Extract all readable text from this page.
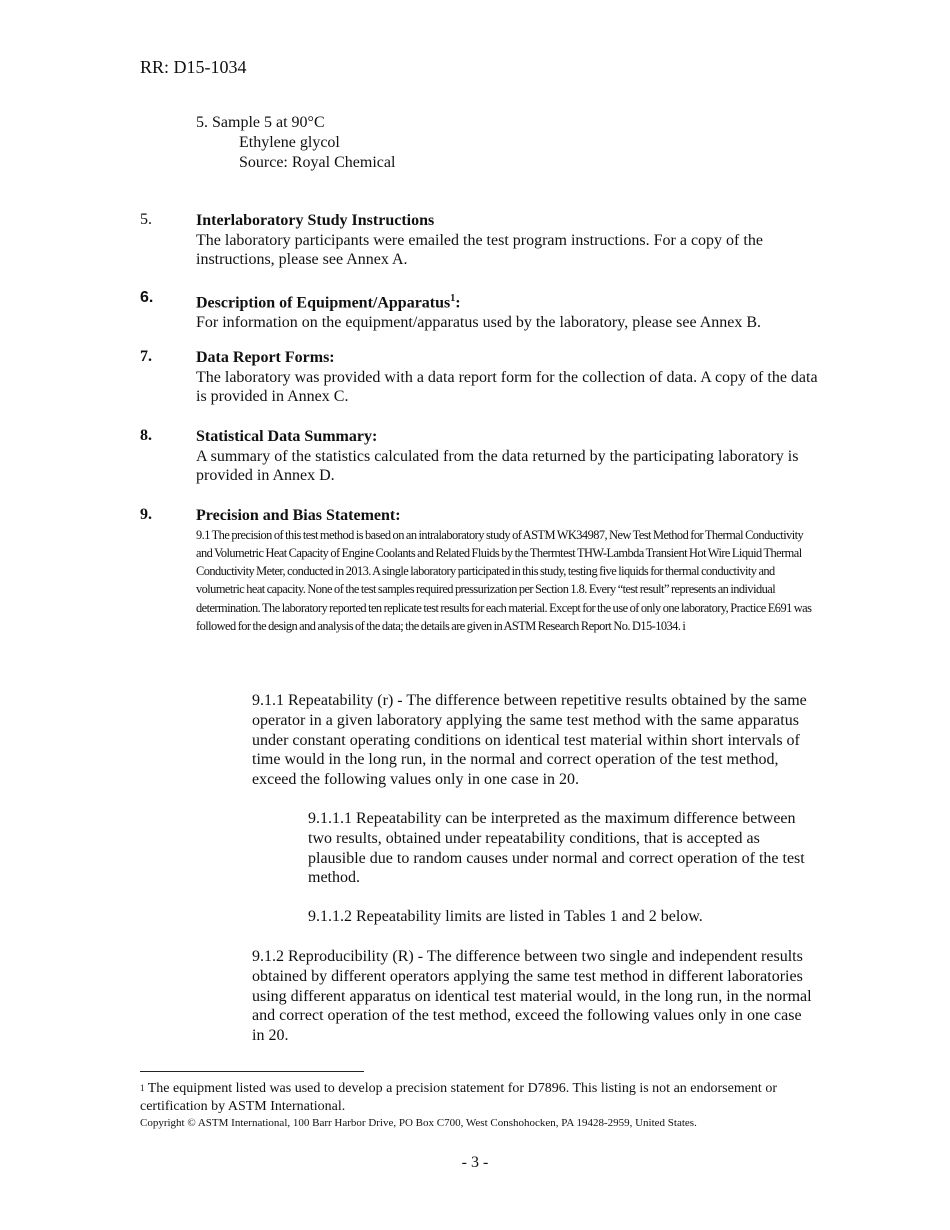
RR: D15-1034
5. Sample 5 at 90°C
Ethylene glycol
Source: Royal Chemical
5.	Interlaboratory Study Instructions
The laboratory participants were emailed the test program instructions. For a copy of the instructions, please see Annex A.
6.	Description of Equipment/Apparatus$^1$:
For information on the equipment/apparatus used by the laboratory, please see Annex B.
7.	Data Report Forms:
The laboratory was provided with a data report form for the collection of data. A copy of the data is provided in Annex C.
8.	Statistical Data Summary:
A summary of the statistics calculated from the data returned by the participating laboratory is provided in Annex D.
9.	Precision and Bias Statement:
9.1 The precision of this test method is based on an intralaboratory study of ASTM WK34987, New Test Method for Thermal Conductivity and Volumetric Heat Capacity of Engine Coolants and Related Fluids by the Thermtest THW-Lambda Transient Hot Wire Liquid Thermal Conductivity Meter, conducted in 2013. A single laboratory participated in this study, testing five liquids for thermal conductivity and volumetric heat capacity. None of the test samples required pressurization per Section 1.8. Every “test result” represents an individual determination. The laboratory reported ten replicate test results for each material. Except for the use of only one laboratory, Practice E691 was followed for the design and analysis of the data; the details are given in ASTM Research Report No. D15-1034. i
9.1.1 Repeatability (r) - The difference between repetitive results obtained by the same operator in a given laboratory applying the same test method with the same apparatus under constant operating conditions on identical test material within short intervals of time would in the long run, in the normal and correct operation of the test method, exceed the following values only in one case in 20.
9.1.1.1 Repeatability can be interpreted as the maximum difference between two results, obtained under repeatability conditions, that is accepted as plausible due to random causes under normal and correct operation of the test method.
9.1.1.2 Repeatability limits are listed in Tables 1 and 2 below.
9.1.2 Reproducibility (R) - The difference between two single and independent results obtained by different operators applying the same test method in different laboratories using different apparatus on identical test material would, in the long run, in the normal and correct operation of the test method, exceed the following values only in one case in 20.
$^1$ The equipment listed was used to develop a precision statement for D7896. This listing is not an endorsement or certification by ASTM International.
Copyright © ASTM International, 100 Barr Harbor Drive, PO Box C700, West Conshohocken, PA 19428-2959, United States.
- 3 -
